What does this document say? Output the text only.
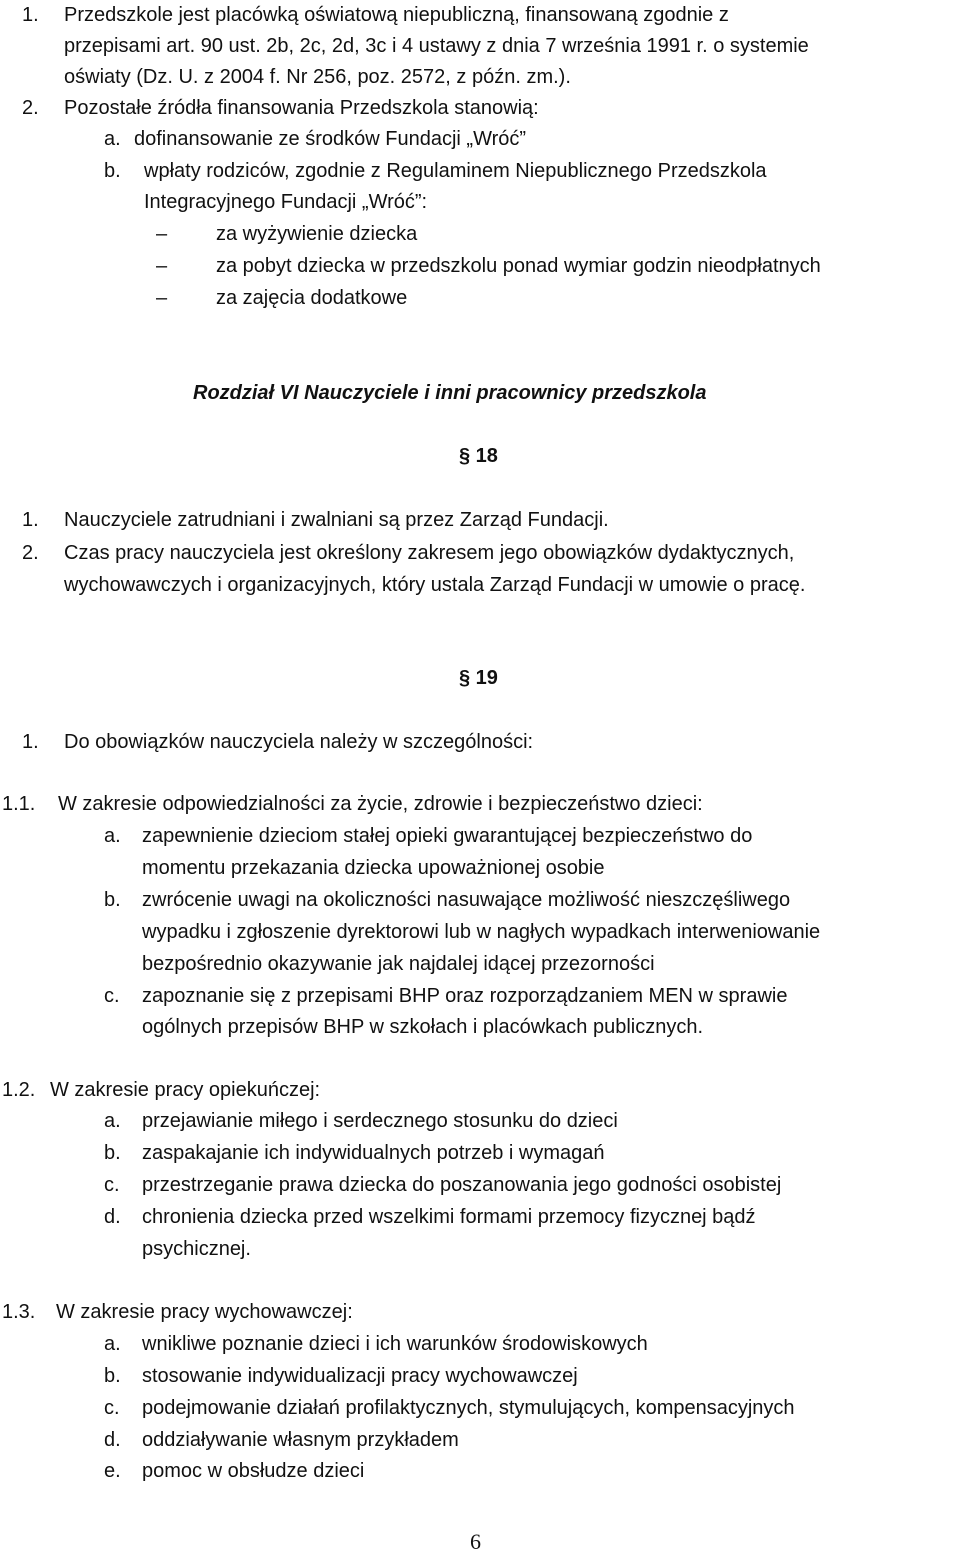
1. Przedszkole jest placówką oświatową niepubliczną, finansowaną zgodnie z
przepisami art. 90 ust. 2b, 2c, 2d, 3c i 4 ustawy z dnia 7 września 1991 r. o systemie
oświaty (Dz. U. z 2004 f. Nr 256, poz. 2572, z późn. zm.).
2. Pozostałe źródła finansowania Przedszkola stanowią:
a. dofinansowanie ze środków Fundacji „Wróć”
b. wpłaty rodziców, zgodnie z Regulaminem Niepublicznego Przedszkola
Integracyjnego Fundacji „Wróć”:
– za wyżywienie dziecka
– za pobyt dziecka w przedszkolu ponad wymiar godzin nieodpłatnych
– za zajęcia dodatkowe
Rozdział VI Nauczyciele i inni pracownicy przedszkola
§ 18
1. Nauczyciele zatrudniani i zwalniani są przez Zarząd Fundacji.
2. Czas pracy nauczyciela jest określony zakresem jego obowiązków dydaktycznych,
wychowawczych i organizacyjnych, który ustala Zarząd Fundacji w umowie o pracę.
§ 19
1. Do obowiązków nauczyciela należy w szczególności:
1.1. W zakresie odpowiedzialności za życie, zdrowie i bezpieczeństwo dzieci:
a. zapewnienie dzieciom stałej opieki gwarantującej bezpieczeństwo do
momentu przekazania dziecka upoważnionej osobie
b. zwrócenie uwagi na okoliczności nasuwające możliwość nieszczęśliwego
wypadku i zgłoszenie dyrektorowi lub w nagłych wypadkach interweniowanie
bezpośrednio okazywanie jak najdalej idącej przezorności
c. zapoznanie się z przepisami BHP oraz rozporządzaniem MEN w sprawie
ogólnych przepisów BHP w szkołach i placówkach publicznych.
1.2. W zakresie pracy opiekuńczej:
a. przejawianie miłego i serdecznego stosunku do dzieci
b. zaspakajanie ich indywidualnych potrzeb i wymagań
c. przestrzeganie prawa dziecka do poszanowania jego godności osobistej
d. chronienia dziecka przed wszelkimi formami przemocy fizycznej bądź
psychicznej.
1.3. W zakresie pracy wychowawczej:
a. wnikliwe poznanie dzieci i ich warunków środowiskowych
b. stosowanie indywidualizacji pracy wychowawczej
c. podejmowanie działań profilaktycznych, stymulujących, kompensacyjnych
d. oddziaływanie własnym przykładem
e. pomoc w obsłudze dzieci
6
